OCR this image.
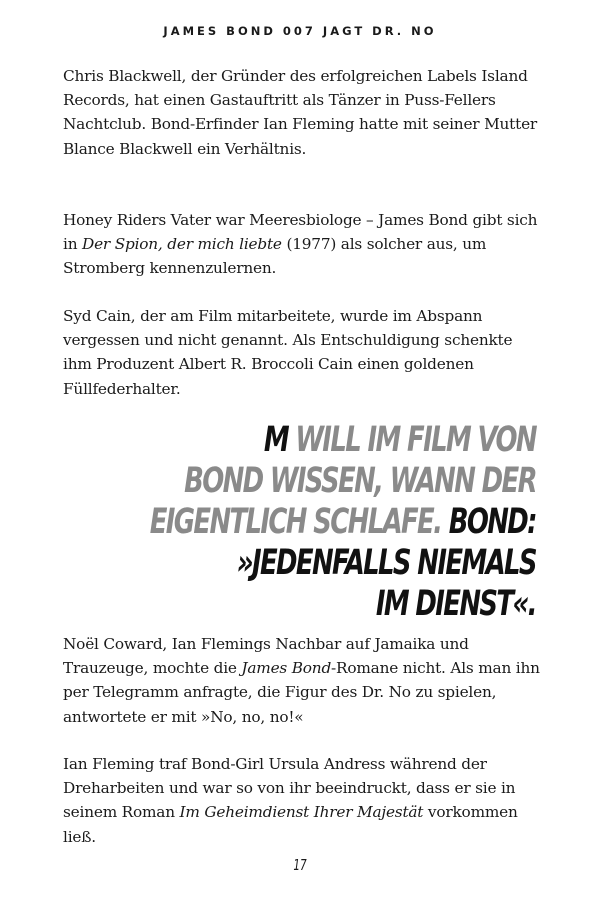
JAMES BOND 007 JAGT DR. NO

Chris Blackwell, der Gründer des erfolgreichen Labels Island Records, hat einen Gastauftritt als Tänzer in Puss-Fellers Nachtclub. Bond-Erfinder Ian Fleming hatte mit seiner Mutter Blance Blackwell ein Verhältnis.

Honey Riders Vater war Meeresbiologe – James Bond gibt sich in Der Spion, der mich liebte (1977) als solcher aus, um Stromberg kennenzulernen.

Syd Cain, der am Film mitarbeitete, wurde im Abspann vergessen und nicht genannt. Als Entschuldigung schenkte ihm Produzent Albert R. Broccoli Cain einen goldenen Füllfederhalter.

M WILL IM FILM VON
BOND WISSEN, WANN DER
EIGENTLICH SCHLAFE. BOND:
»JEDENFALLS NIEMALS
IM DIENST«.

Noël Coward, Ian Flemings Nachbar auf Jamaika und Trauzeuge, mochte die James Bond-Romane nicht. Als man ihn per Telegramm anfragte, die Figur des Dr. No zu spielen, antwortete er mit »No, no, no!«

Ian Fleming traf Bond-Girl Ursula Andress während der Dreharbeiten und war so von ihr beeindruckt, dass er sie in seinem Roman Im Geheimdienst Ihrer Majestät vorkommen ließ.

17
